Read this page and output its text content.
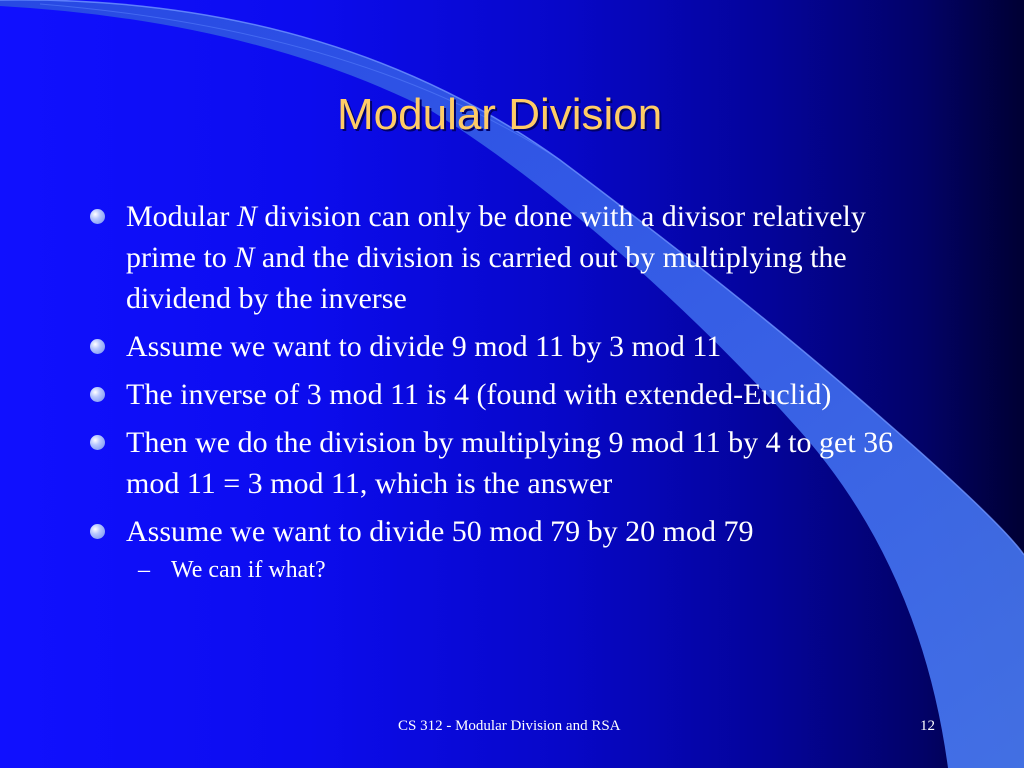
Modular Division
Modular N division can only be done with a divisor relatively prime to N and the division is carried out by multiplying the dividend by the inverse
Assume we want to divide 9 mod 11 by 3 mod 11
The inverse of 3 mod 11 is 4 (found with extended-Euclid)
Then we do the division by multiplying 9 mod 11 by 4 to get 36 mod 11 = 3 mod 11, which is the answer
Assume we want to divide 50 mod 79 by 20 mod 79
– We can if what?
CS 312 - Modular Division and RSA	12
